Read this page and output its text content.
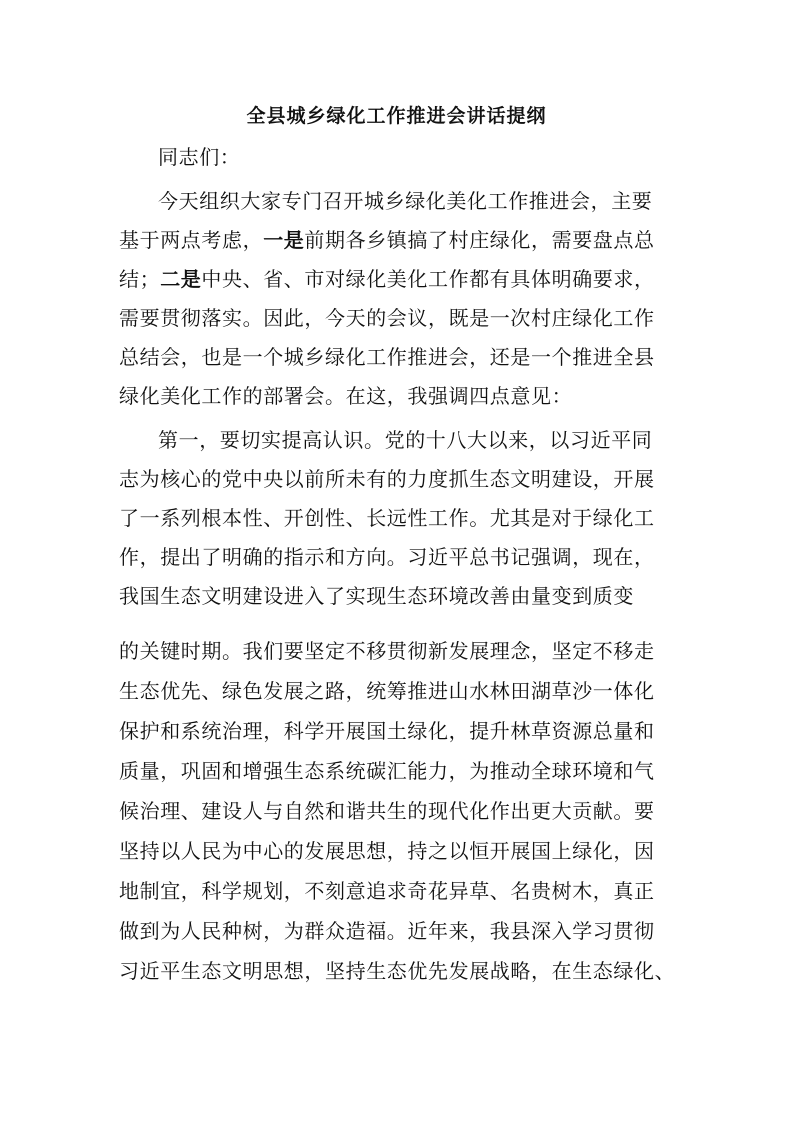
全县城乡绿化工作推进会讲话提纲
同志们：
今天组织大家专门召开城乡绿化美化工作推进会，主要
基于两点考虑，一是前期各乡镇搞了村庄绿化，需要盘点总
结；二是中央、省、市对绿化美化工作都有具体明确要求，
需要贯彻落实。因此，今天的会议，既是一次村庄绿化工作
总结会，也是一个城乡绿化工作推进会，还是一个推进全县
绿化美化工作的部署会。在这，我强调四点意见：
第一，要切实提高认识。党的十八大以来，以习近平同
志为核心的党中央以前所未有的力度抓生态文明建设，开展
了一系列根本性、开创性、长远性工作。尤其是对于绿化工
作，提出了明确的指示和方向。习近平总书记强调，现在，
我国生态文明建设进入了实现生态环境改善由量变到质变
的关键时期。我们要坚定不移贯彻新发展理念，坚定不移走
生态优先、绿色发展之路，统筹推进山水林田湖草沙一体化
保护和系统治理，科学开展国土绿化，提升林草资源总量和
质量，巩固和增强生态系统碳汇能力，为推动全球环境和气
候治理、建设人与自然和谐共生的现代化作出更大贡献。要
坚持以人民为中心的发展思想，持之以恒开展国上绿化，因
地制宜，科学规划，不刻意追求奇花异草、名贵树木，真正
做到为人民种树，为群众造福。近年来，我县深入学习贯彻
习近平生态文明思想，坚持生态优先发展战略，在生态绿化、
